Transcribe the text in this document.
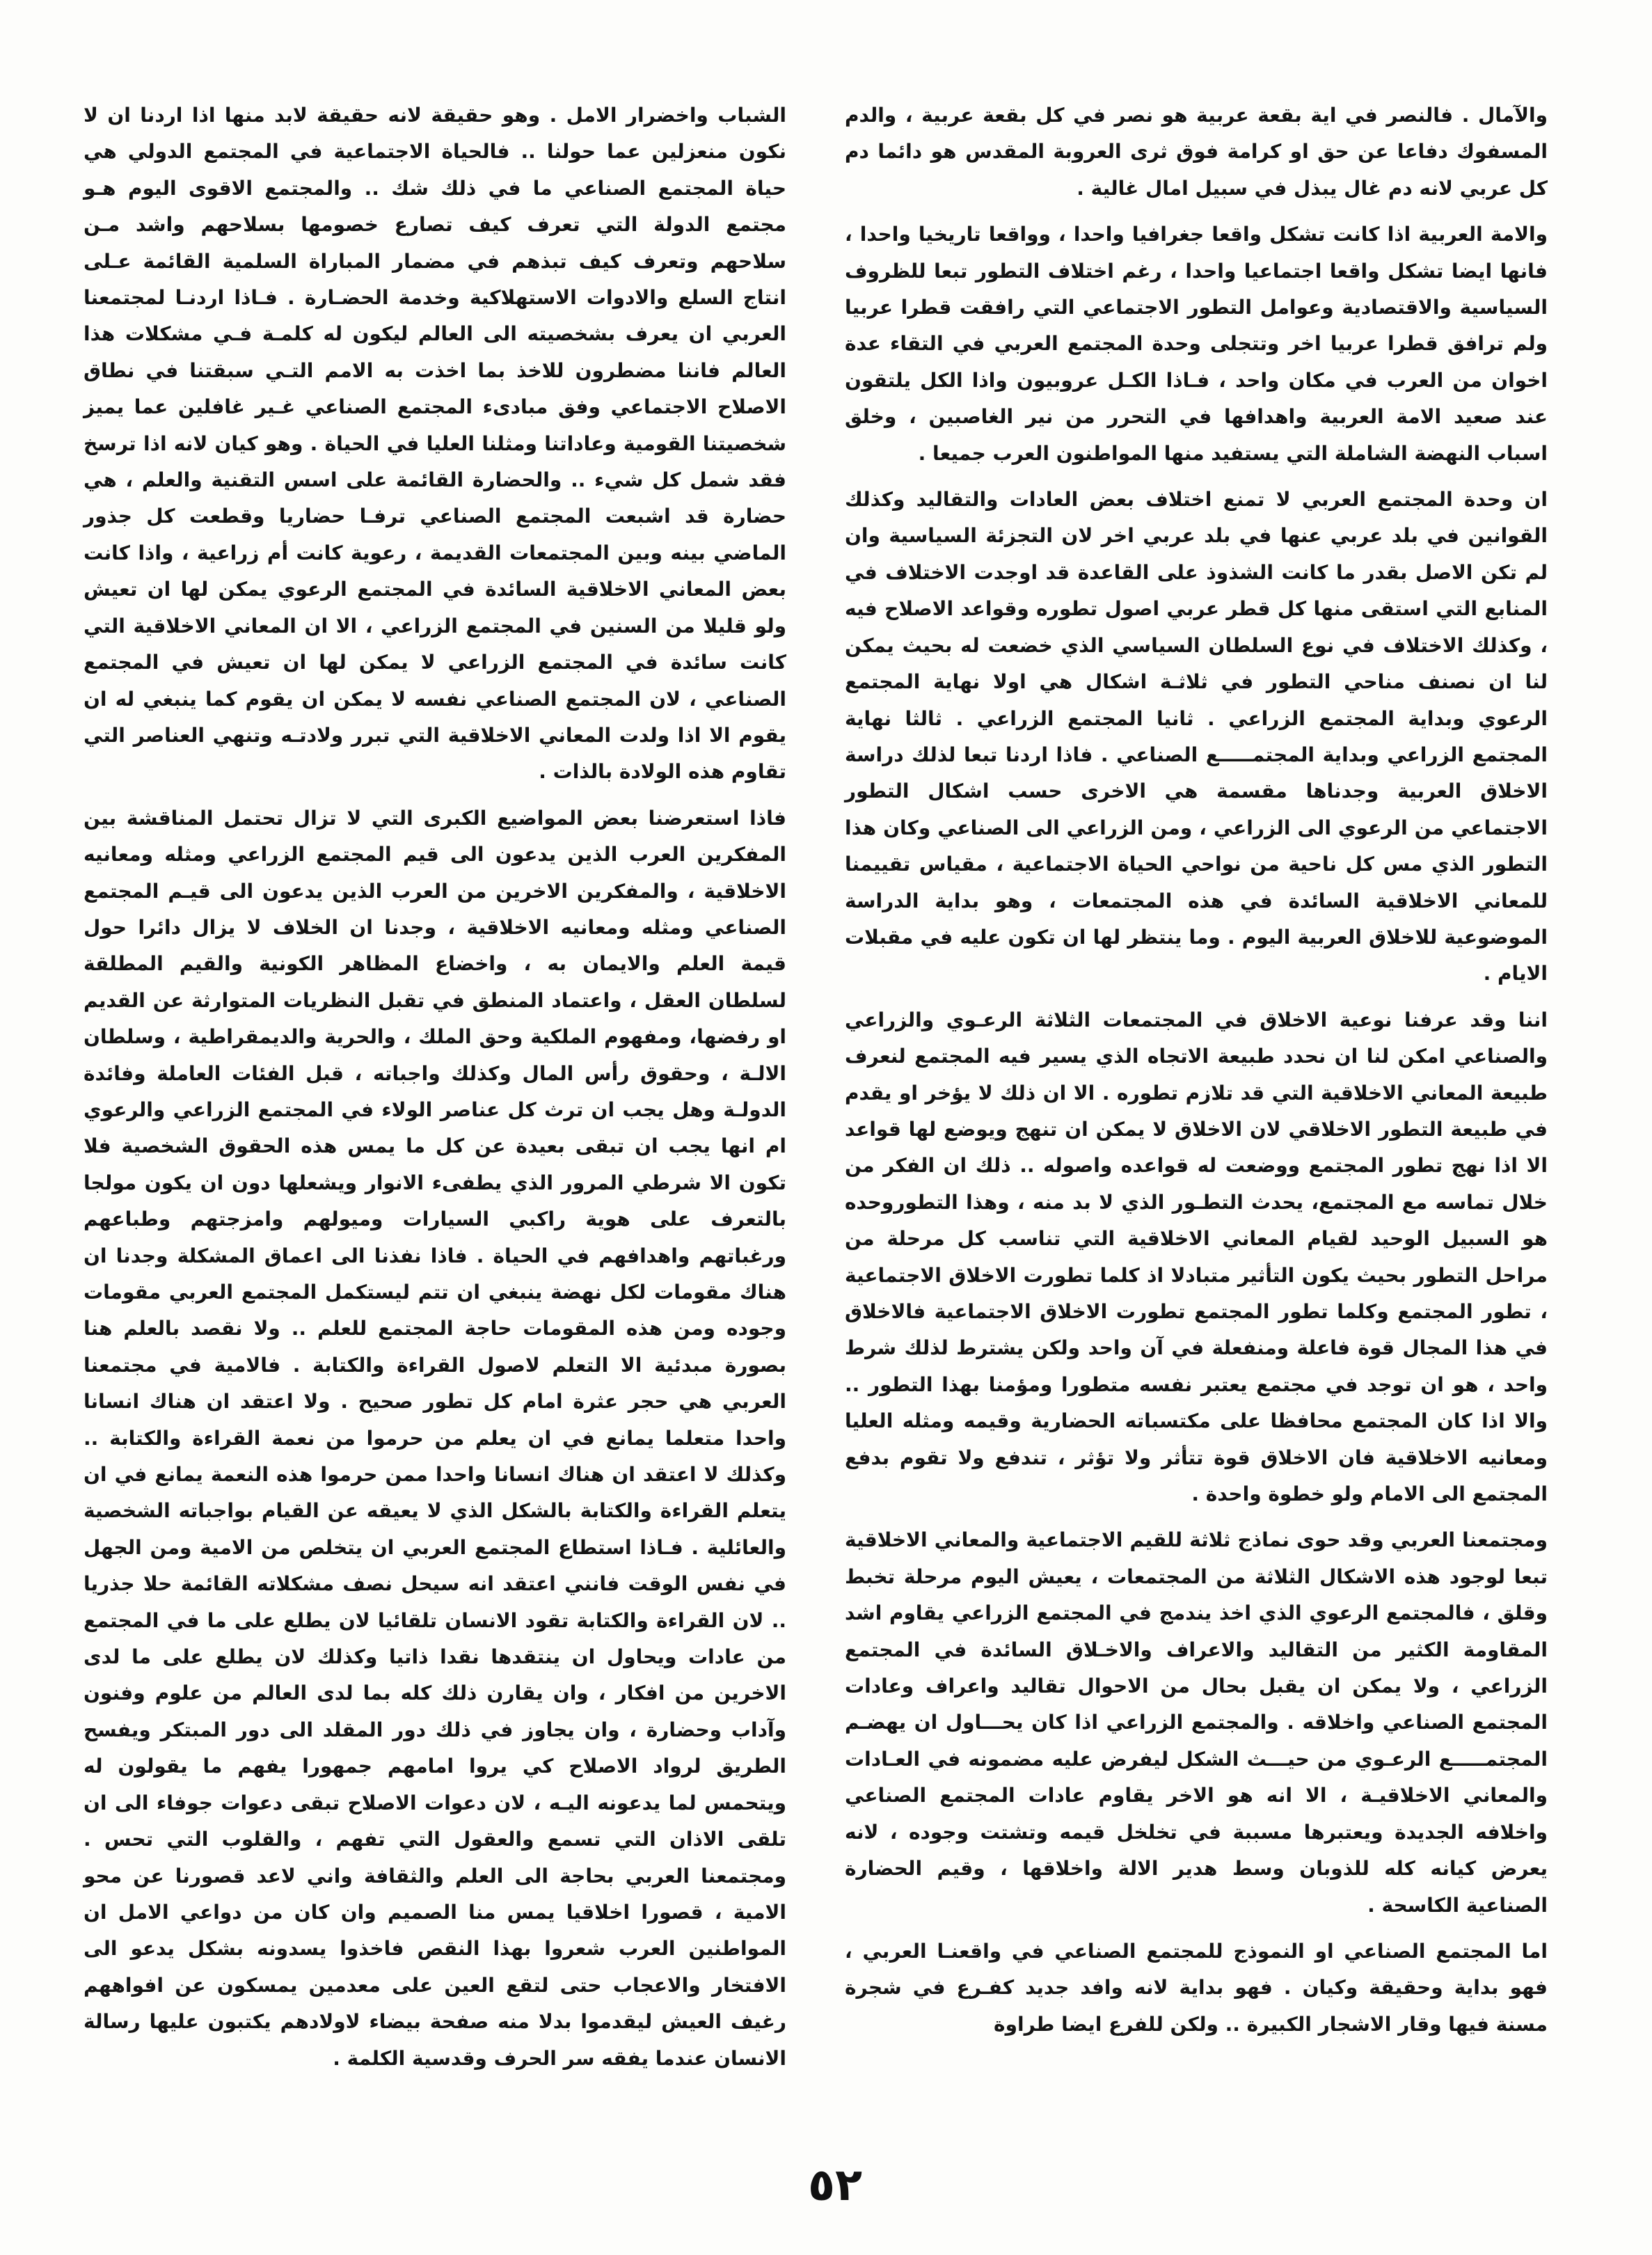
والآمال . فالنصر في اية بقعة عربية هو نصر في كل بقعة عربية ، والدم المسفوك دفاعا عن حق او كرامة فوق ثرى العروبة المقدس هو دائما دم كل عربي لانه دم غال يبذل في سبيل امال غالية .

والامة العربية اذا كانت تشكل واقعا جغرافيا واحدا ، وواقعا تاريخيا واحدا ، فانها ايضا تشكل واقعا اجتماعيا واحدا ، رغم اختلاف التطور تبعا للظروف السياسية والاقتصادية وعوامل التطور الاجتماعي التي رافقت قطرا عربيا ولم ترافق قطرا عربيا اخر وتتجلى وحدة المجتمع العربي في التقاء عدة اخوان من العرب في مكان واحد ، فـاذا الكـل عروبيون واذا الكل يلتقون عند صعيد الامة العربية واهدافها في التحرر من نير الغاصبين ، وخلق اسباب النهضة الشاملة التي يستفيد منها المواطنون العرب جميعا .

ان وحدة المجتمع العربي لا تمنع اختلاف بعض العادات والتقاليد وكذلك القوانين في بلد عربي عنها في بلد عربي اخر لان التجزئة السياسية وان لم تكن الاصل بقدر ما كانت الشذوذ على القاعدة قد اوجدت الاختلاف في المنابع التي استقى منها كل قطر عربي اصول تطوره وقواعد الاصلاح فيه ، وكذلك الاختلاف في نوع السلطان السياسي الذي خضعت له بحيث يمكن لنا ان نصنف مناحي التطور في ثلاثـة اشكال هي اولا نهاية المجتمع الرعوي وبداية المجتمع الزراعي . ثانيا المجتمع الزراعي . ثالثا نهاية المجتمع الزراعي وبداية المجتمـــــع الصناعي . فاذا اردنا تبعا لذلك دراسة الاخلاق العربية وجدناها مقسمة هي الاخرى حسب اشكال التطور الاجتماعي من الرعوي الى الزراعي ، ومن الزراعي الى الصناعي وكان هذا التطور الذي مس كل ناحية من نواحي الحياة الاجتماعية ، مقياس تقييمنا للمعاني الاخلاقية السائدة في هذه المجتمعات ، وهو بداية الدراسة الموضوعية للاخلاق العربية اليوم . وما ينتظر لها ان تكون عليه في مقبلات الايام .

اننا وقد عرفنا نوعية الاخلاق في المجتمعات الثلاثة الرعـوي والزراعي والصناعي امكن لنا ان نحدد طبيعة الاتجاه الذي يسير فيه المجتمع لنعرف طبيعة المعاني الاخلاقية التي قد تلازم تطوره . الا ان ذلك لا يؤخر او يقدم في طبيعة التطور الاخلاقي لان الاخلاق لا يمكن ان تنهج ويوضع لها قواعد الا اذا نهج تطور المجتمع ووضعت له قواعده واصوله .. ذلك ان الفكر من خلال تماسه مع المجتمع، يحدث التطـور الذي لا بد منه ، وهذا التطوروحده هو السبيل الوحيد لقيام المعاني الاخلاقية التي تناسب كل مرحلة من مراحل التطور بحيث يكون التأثير متبادلا اذ كلما تطورت الاخلاق الاجتماعية ، تطور المجتمع وكلما تطور المجتمع تطورت الاخلاق الاجتماعية فالاخلاق في هذا المجال قوة فاعلة ومنفعلة في آن واحد ولكن يشترط لذلك شرط واحد ، هو ان توجد في مجتمع يعتبر نفسه متطورا ومؤمنا بهذا التطور .. والا اذا كان المجتمع محافظا على مكتسباته الحضارية وقيمه ومثله العليا ومعانيه الاخلاقية فان الاخلاق قوة تتأثر ولا تؤثر ، تندفع ولا تقوم بدفع المجتمع الى الامام ولو خطوة واحدة .

ومجتمعنا العربي وقد حوى نماذج ثلاثة للقيم الاجتماعية والمعاني الاخلاقية تبعا لوجود هذه الاشكال الثلاثة من المجتمعات ، يعيش اليوم مرحلة تخبط وقلق ، فالمجتمع الرعوي الذي اخذ يندمج في المجتمع الزراعي يقاوم اشد المقاومة الكثير من التقاليد والاعراف والاخـلاق السائدة في المجتمع الزراعي ، ولا يمكن ان يقبل بحال من الاحوال تقاليد واعراف وعادات المجتمع الصناعي واخلاقه . والمجتمع الزراعي اذا كان يحـــاول ان يهضـم المجتمـــــع الرعـوي من حيـــث الشكل ليفرض عليه مضمونه في العـادات والمعاني الاخلاقيـة ، الا انه هو الاخر يقاوم عادات المجتمع الصناعي واخلافه الجديدة ويعتبرها مسببة في تخلخل قيمه وتشتت وجوده ، لانه يعرض كيانه كله للذوبان وسط هدير الالة واخلاقها ، وقيم الحضارة الصناعية الكاسحة .

اما المجتمع الصناعي او النموذج للمجتمع الصناعي في واقعنـا العربي ، فهو بداية وحقيقة وكيان . فهو بداية لانه وافد جديد كفـرع في شجرة مسنة فيها وقار الاشجار الكبيرة .. ولكن للفرع ايضا طراوة

الشباب واخضرار الامل . وهو حقيقة لانه حقيقة لابد منها اذا اردنا ان لا نكون منعزلين عما حولنا .. فالحياة الاجتماعية في المجتمع الدولي هي حياة المجتمع الصناعي ما في ذلك شك .. والمجتمع الاقوى اليوم هـو مجتمع الدولة التي تعرف كيف تصارع خصومها بسلاحهم واشد مـن سلاحهم وتعرف كيف تبذهم في مضمار المباراة السلمية القائمة عـلى انتاج السلع والادوات الاستهلاكية وخدمة الحضـارة . فـاذا اردنـا لمجتمعنا العربي ان يعرف بشخصيته الى العالم ليكون له كلمـة فـي مشكلات هذا العالم فاننا مضطرون للاخذ بما اخذت به الامم التـي سبقتنا في نطاق الاصلاح الاجتماعي وفق مبادىء المجتمع الصناعي غـير غافلين عما يميز شخصيتنا القومية وعاداتنا ومثلنا العليا في الحياة . وهو كيان لانه اذا ترسخ فقد شمل كل شيء .. والحضارة القائمة على اسس التقنية والعلم ، هي حضارة قد اشبعت المجتمع الصناعي ترفـا حضاريا وقطعت كل جذور الماضي بينه وبين المجتمعات القديمة ، رعوية كانت أم زراعية ، واذا كانت بعض المعاني الاخلاقية السائدة في المجتمع الرعوي يمكن لها ان تعيش ولو قليلا من السنين في المجتمع الزراعي ، الا ان المعاني الاخلاقية التي كانت سائدة في المجتمع الزراعي لا يمكن لها ان تعيش في المجتمع الصناعي ، لان المجتمع الصناعي نفسه لا يمكن ان يقوم كما ينبغي له ان يقوم الا اذا ولدت المعاني الاخلاقية التي تبرر ولادتـه وتنهي العناصر التي تقاوم هذه الولادة بالذات .

فاذا استعرضنا بعض المواضيع الكبرى التي لا تزال تحتمل المناقشة بين المفكرين العرب الذين يدعون الى قيم المجتمع الزراعي ومثله ومعانيه الاخلاقية ، والمفكرين الاخرين من العرب الذين يدعون الى قيـم المجتمع الصناعي ومثله ومعانيه الاخلاقية ، وجدنا ان الخلاف لا يزال دائرا حول قيمة العلم والايمان به ، واخضاع المظاهر الكونية والقيم المطلقة لسلطان العقل ، واعتماد المنطق في تقبل النظريات المتوارثة عن القديم او رفضها، ومفهوم الملكية وحق الملك ، والحرية والديمقراطية ، وسلطان الالـة ، وحقوق رأس المال وكذلك واجباته ، قبل الفئات العاملة وفائدة الدولـة وهل يجب ان ترث كل عناصر الولاء في المجتمع الزراعي والرعوي ام انها يجب ان تبقى بعيدة عن كل ما يمس هذه الحقوق الشخصية فلا تكون الا شرطي المرور الذي يطفىء الانوار ويشعلها دون ان يكون مولجا بالتعرف على هوية راكبي السيارات وميولهم وامزجتهم وطباعهم ورغباتهم واهدافهم في الحياة . فاذا نفذنا الى اعماق المشكلة وجدنا ان هناك مقومات لكل نهضة ينبغي ان تتم ليستكمل المجتمع العربي مقومات وجوده ومن هذه المقومات حاجة المجتمع للعلم .. ولا نقصد بالعلم هنا بصورة مبدئية الا التعلم لاصول القراءة والكتابة . فالامية في مجتمعنا العربي هي حجر عثرة امام كل تطور صحيح . ولا اعتقد ان هناك انسانا واحدا متعلما يمانع في ان يعلم من حرموا من نعمة القراءة والكتابة .. وكذلك لا اعتقد ان هناك انسانا واحدا ممن حرموا هذه النعمة يمانع في ان يتعلم القراءة والكتابة بالشكل الذي لا يعيقه عن القيام بواجباته الشخصية والعائلية . فـاذا استطاع المجتمع العربي ان يتخلص من الامية ومن الجهل في نفس الوقت فانني اعتقد انه سيحل نصف مشكلاته القائمة حلا جذريا .. لان القراءة والكتابة تقود الانسان تلقائيا لان يطلع على ما في المجتمع من عادات ويحاول ان ينتقدها نقدا ذاتيا وكذلك لان يطلع على ما لدى الاخرين من افكار ، وان يقارن ذلك كله بما لدى العالم من علوم وفنون وآداب وحضارة ، وان يجاوز في ذلك دور المقلد الى دور المبتكر ويفسح الطريق لرواد الاصلاح كي يروا امامهم جمهورا يفهم ما يقولون له ويتحمس لما يدعونه اليـه ، لان دعوات الاصلاح تبقى دعوات جوفاء الى ان تلقى الاذان التي تسمع والعقول التي تفهم ، والقلوب التي تحس . ومجتمعنا العربي بحاجة الى العلم والثقافة واني لاعد قصورنا عن محو الامية ، قصورا اخلاقيا يمس منا الصميم وان كان من دواعي الامل ان المواطنين العرب شعروا بهذا النقص فاخذوا يسدونه بشكل يدعو الى الافتخار والاعجاب حتى لتقع العين على معدمين يمسكون عن افواههم رغيف العيش ليقدموا بدلا منه صفحة بيضاء لاولادهم يكتبون عليها رسالة الانسان عندما يفقه سر الحرف وقدسية الكلمة .

٥٢
